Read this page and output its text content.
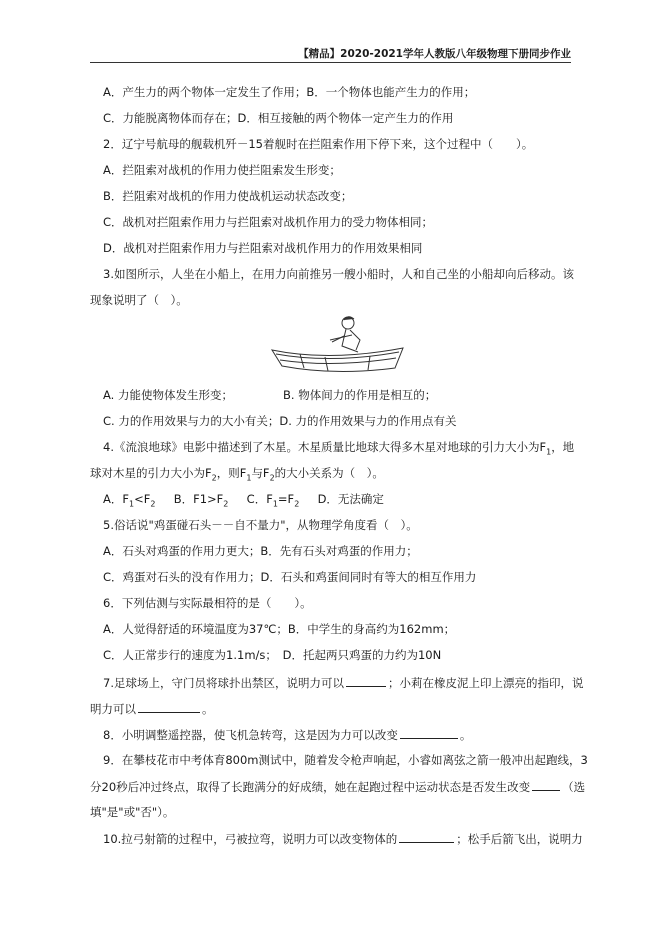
【精品】2020-2021学年人教版八年级物理下册同步作业
A．产生力的两个物体一定发生了作用；B．一个物体也能产生力的作用；
C．力能脱离物体而存在；D．相互接触的两个物体一定产生力的作用
2．辽宁号航母的舰载机歼－15着舰时在拦阻索作用下停下来，这个过程中（　　）。
A．拦阻索对战机的作用力使拦阻索发生形变；
B．拦阻索对战机的作用力使战机运动状态改变；
C．战机对拦阻索作用力与拦阻索对战机作用力的受力物体相同；
D．战机对拦阻索作用力与拦阻索对战机作用力的作用效果相同
3.如图所示，人坐在小船上，在用力向前推另一艘小船时，人和自己坐的小船却向后移动。该
现象说明了（　）。
A. 力能使物体发生形变；	B. 物体间力的作用是相互的；
C. 力的作用效果与力的大小有关；D. 力的作用效果与力的作用点有关
4.《流浪地球》电影中描述到了木星。木星质量比地球大得多木星对地球的引力大小为$F_1$，地
球对木星的引力大小为$F_2$，则$F_1$与$F_2$的大小关系为（　）。
A．$F_1<F_2$ B．$F1>F_2$ C．$F_1=F_2$ D．无法确定
5.俗话说"鸡蛋碰石头－－自不量力"，从物理学角度看（　）。
A．石头对鸡蛋的作用力更大；B．先有石头对鸡蛋的作用力；
C．鸡蛋对石头的没有作用力；D．石头和鸡蛋间同时有等大的相互作用力
6．下列估测与实际最相符的是（　　）。
A．人觉得舒适的环境温度为37℃；B．中学生的身高约为162mm；
C．人正常步行的速度为1.1m/s；　D．托起两只鸡蛋的力约为10N
7.足球场上，守门员将球扑出禁区，说明力可以	；小莉在橡皮泥上印上漂亮的指印，说
明力可以	。
8．小明调整遥控器，使飞机急转弯，这是因为力可以改变	。
9．在攀枝花市中考体育800m测试中，随着发令枪声响起，小睿如离弦之箭一般冲出起跑线，3
分20秒后冲过终点，取得了长跑满分的好成绩，她在起跑过程中运动状态是否发生改变	（选
填"是"或"否"）。
10.拉弓射箭的过程中，弓被拉弯，说明力可以改变物体的	；松手后箭飞出，说明力
